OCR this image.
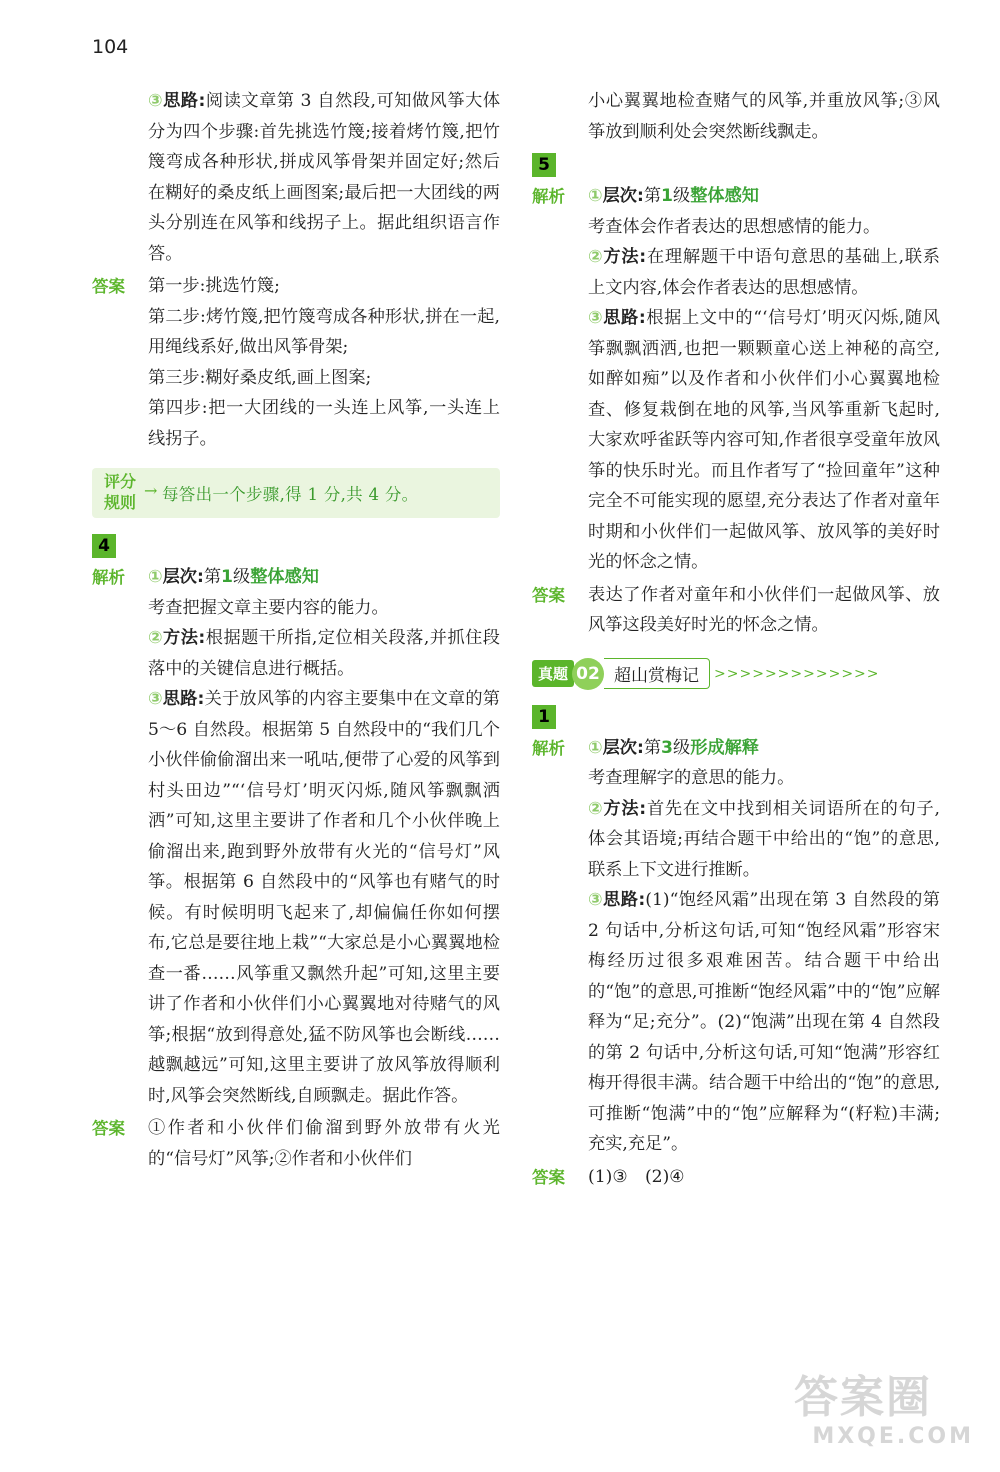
104

③思路:阅读文章第 3 自然段,可知做风筝大体分为四个步骤:首先挑选竹篾;接着烤竹篾,把竹篾弯成各种形状,拼成风筝骨架并固定好;然后在糊好的桑皮纸上画图案;最后把一大团线的两头分别连在风筝和线拐子上。据此组织语言作答。

答案 第一步:挑选竹篾;

第二步:烤竹篾,把竹篾弯成各种形状,拼在一起,用绳线系好,做出风筝骨架;

第三步:糊好桑皮纸,画上图案;

第四步:把一大团线的一头连上风筝,一头连上线拐子。

评分
规则
→ 每答出一个步骤,得 1 分,共 4 分。
4
解析 ①层次:第1级整体感知

考查把握文章主要内容的能力。

②方法:根据题干所指,定位相关段落,并抓住段落中的关键信息进行概括。

③思路:关于放风筝的内容主要集中在文章的第 5～6 自然段。根据第 5 自然段中的“我们几个小伙伴偷偷溜出来一吼咕,便带了心爱的风筝到村头田边”“‘信号灯’明灭闪烁,随风筝飘飘洒洒”可知,这里主要讲了作者和几个小伙伴晚上偷溜出来,跑到野外放带有火光的“信号灯”风筝。根据第 6 自然段中的“风筝也有赌气的时候。有时候明明飞起来了,却偏偏任你如何摆布,它总是要往地上栽”“大家总是小心翼翼地检查一番……风筝重又飘然升起”可知,这里主要讲了作者和小伙伴们小心翼翼地对待赌气的风筝;根据“放到得意处,猛不防风筝也会断线……越飘越远”可知,这里主要讲了放风筝放得顺利时,风筝会突然断线,自顾飘走。据此作答。

答案 ①作者和小伙伴们偷溜到野外放带有火光的“信号灯”风筝;②作者和小伙伴们

小心翼翼地检查赌气的风筝,并重放风筝;③风筝放到顺利处会突然断线飘走。

5
解析 ①层次:第1级整体感知

考查体会作者表达的思想感情的能力。

②方法:在理解题干中语句意思的基础上,联系上文内容,体会作者表达的思想感情。

③思路:根据上文中的“‘信号灯’明灭闪烁,随风筝飘飘洒洒,也把一颗颗童心送上神秘的高空,如醉如痴”以及作者和小伙伴们小心翼翼地检查、修复栽倒在地的风筝,当风筝重新飞起时,大家欢呼雀跃等内容可知,作者很享受童年放风筝的快乐时光。而且作者写了“捡回童年”这种完全不可能实现的愿望,充分表达了作者对童年时期和小伙伴们一起做风筝、放风筝的美好时光的怀念之情。

答案 表达了作者对童年和小伙伴们一起做风筝、放风筝这段美好时光的怀念之情。

真题 02 超山赏梅记	>>>>>>>>>>>>>
1
解析 ①层次:第3级形成解释

考查理解字的意思的能力。

②方法:首先在文中找到相关词语所在的句子,体会其语境;再结合题干中给出的“饱”的意思,联系上下文进行推断。

③思路:(1)“饱经风霜”出现在第 3 自然段的第 2 句话中,分析这句话,可知“饱经风霜”形容宋梅经历过很多艰难困苦。结合题干中给出的“饱”的意思,可推断“饱经风霜”中的“饱”应解释为“足;充分”。(2)“饱满”出现在第 4 自然段的第 2 句话中,分析这句话,可知“饱满”形容红梅开得很丰满。结合题干中给出的“饱”的意思,可推断“饱满”中的“饱”应解释为“(籽粒)丰满;充实,充足”。

答案 (1)③　(2)④

答案圈
MXQE.COM
